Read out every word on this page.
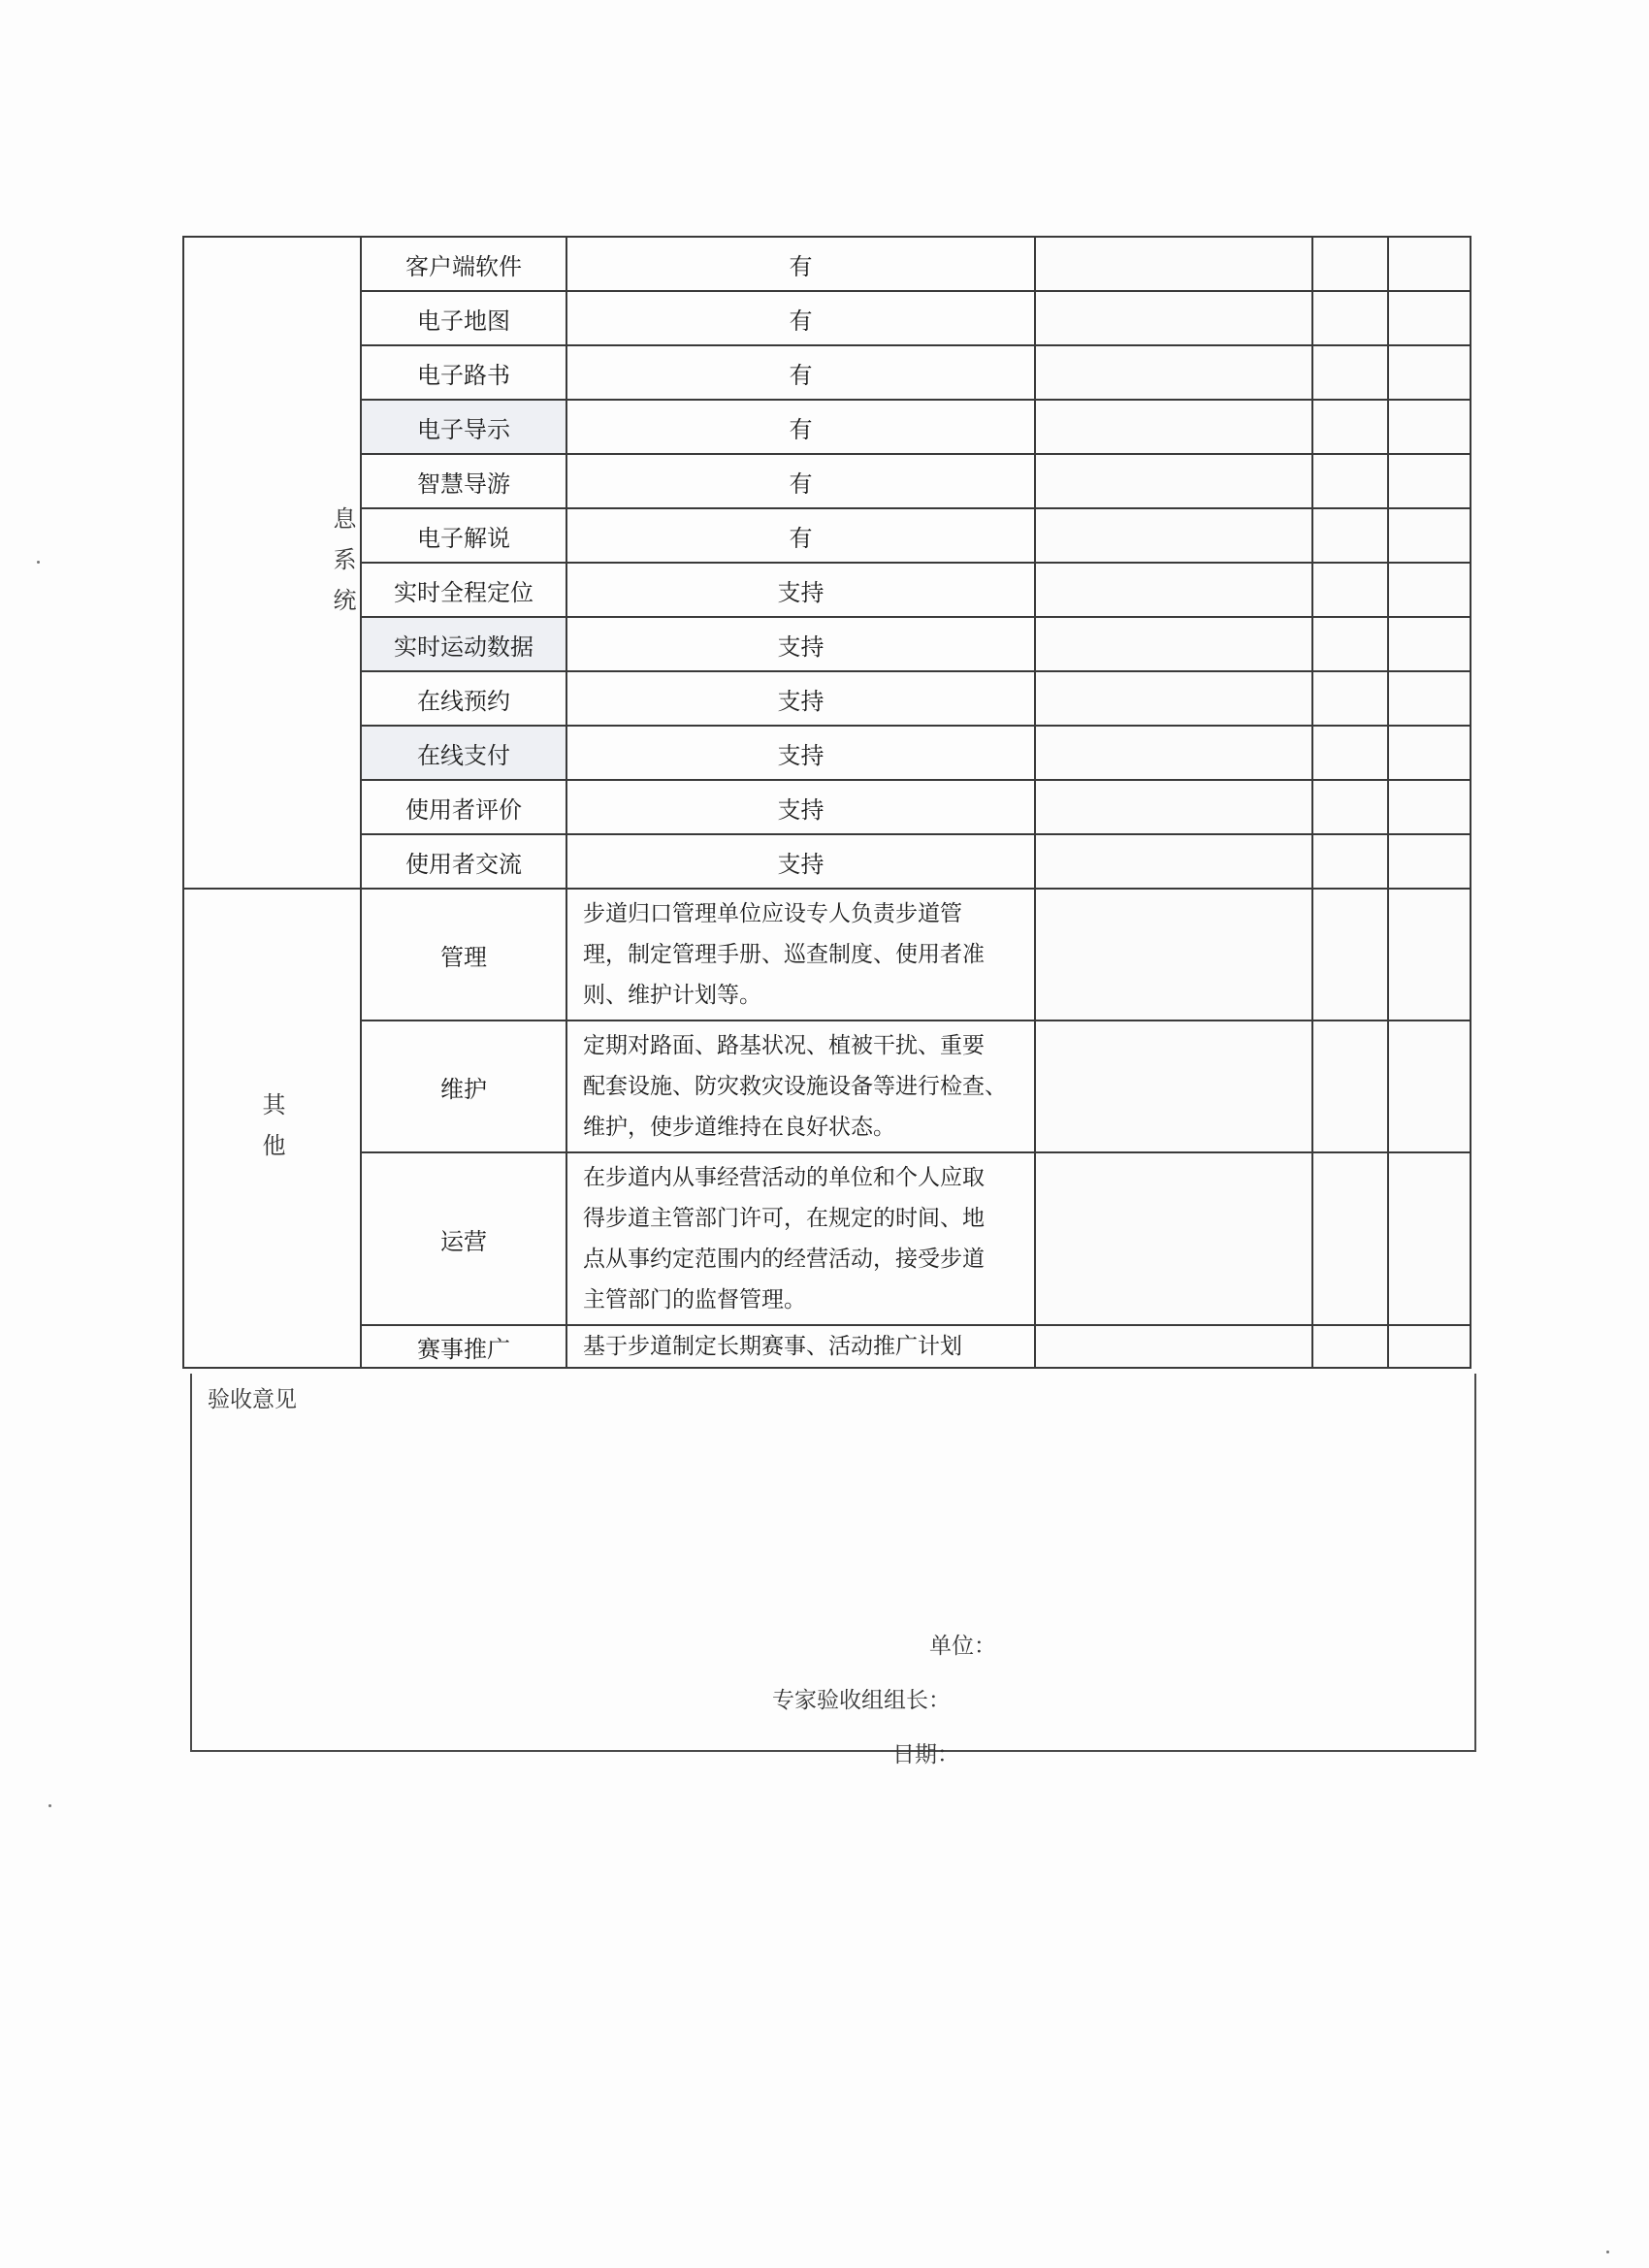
息系统	客户端软件	有			
	电子地图	有			
	电子路书	有			
	电子导示	有			
	智慧导游	有			
	电子解说	有			
	实时全程定位	支持			
	实时运动数据	支持			
	在线预约	支持			
	在线支付	支持			
	使用者评价	支持			
	使用者交流	支持			
其他	管理	步道归口管理单位应设专人负责步道管
理，制定管理手册、巡查制度、使用者准
则、维护计划等。			

	维护	定期对路面、路基状况、植被干扰、重要
配套设施、防灾救灾设施设备等进行检查、
维护，使步道维持在良好状态。			

	运营	在步道内从事经营活动的单位和个人应取
得步道主管部门许可，在规定的时间、地
点从事约定范围内的经营活动，接受步道
主管部门的监督管理。			

	赛事推广	基于步道制定长期赛事、活动推广计划			

验收意见
单位：
专家验收组组长：
日期：
